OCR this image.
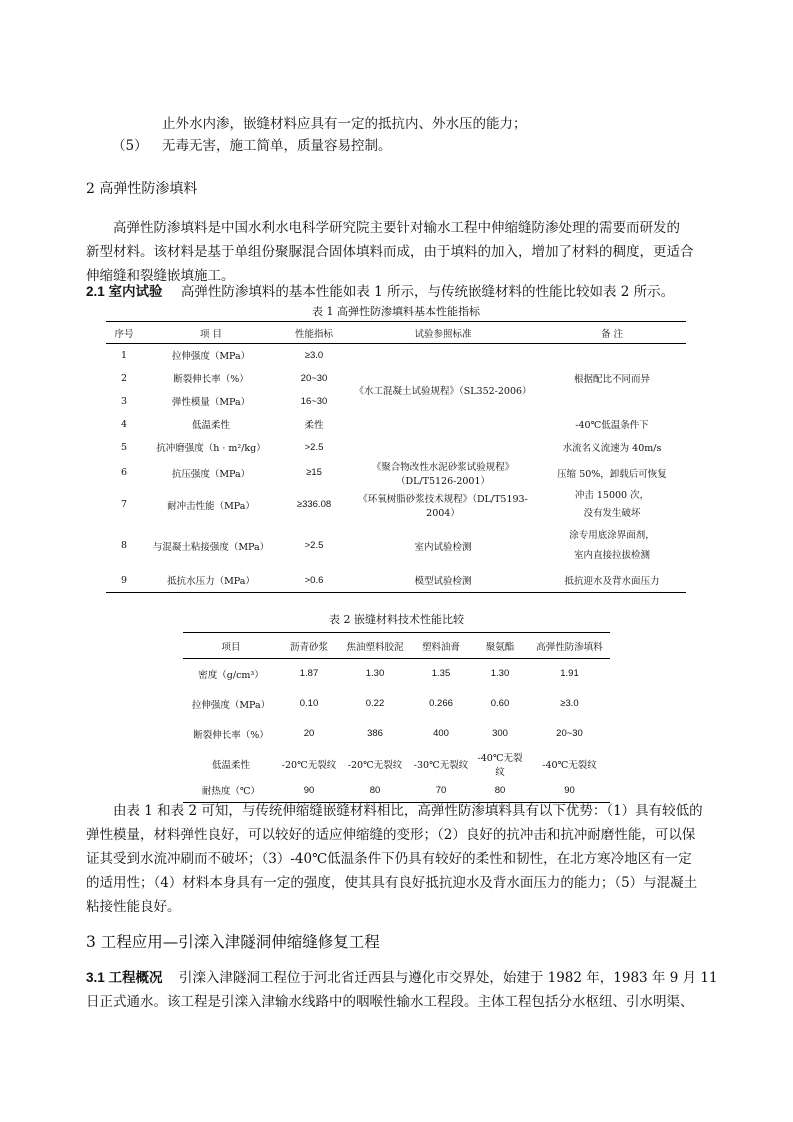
止外水内渗，嵌缝材料应具有一定的抵抗内、外水压的能力；
（5） 无毒无害，施工简单，质量容易控制。
2 高弹性防渗填料
高弹性防渗填料是中国水利水电科学研究院主要针对输水工程中伸缩缝防渗处理的需要而研发的
新型材料。该材料是基于单组份聚脲混合固体填料而成，由于填料的加入，增加了材料的稠度，更适合
伸缩缝和裂缝嵌填施工。
2.1 室内试验 高弹性防渗填料的基本性能如表 1 所示，与传统嵌缝材料的性能比较如表 2 所示。
表 1 高弹性防渗填料基本性能指标
序号	项 目	性能指标	试验参照标准	备 注
1	拉伸强度（MPa）	≥3.0	《水工混凝土试验规程》（SL352-2006）	
2	断裂伸长率（%）	20~30		根据配比不同而异
3	弹性模量（MPa）	16~30		
4	低温柔性	柔性		-40℃低温条件下
5	抗冲磨强度（h · m²/kg）	>2.5		水流名义流速为 40m/s
6	抗压强度（MPa）	≥15	《聚合物改性水泥砂浆试验规程》（DL/T5126-2001）	压缩 50%，卸载后可恢复
7	耐冲击性能（MPa）	≥336.08	《环氧树脂砂浆技术规程》（DL/T5193-2004）	冲击 15000 次，
没有发生破坏

8	与混凝土粘接强度（MPa）	>2.5	室内试验检测	涂专用底涂界面剂，
室内直接拉拔检测

9	抵抗水压力（MPa）	>0.6	模型试验检测	抵抗迎水及背水面压力
表 2 嵌缝材料技术性能比较
项目	沥青砂浆	焦油塑料胶泥	塑料油膏	聚氨酯	高弹性防渗填料
密度（g/cm³）	1.87	1.30	1.35	1.30	1.91
拉伸强度（MPa）	0.10	0.22	0.266	0.60	≥3.0
断裂伸长率（%）	20	386	400	300	20~30
低温柔性	-20℃无裂纹	-20℃无裂纹	-30℃无裂纹	-40℃无裂纹	-40℃无裂纹
耐热度（℃）	90	80	70	80	90
由表 1 和表 2 可知，与传统伸缩缝嵌缝材料相比，高弹性防渗填料具有以下优势：（1）具有较低的
弹性模量，材料弹性良好，可以较好的适应伸缩缝的变形；（2）良好的抗冲击和抗冲耐磨性能，可以保
证其受到水流冲刷而不破坏；（3）-40℃低温条件下仍具有较好的柔性和韧性，在北方寒冷地区有一定
的适用性；（4）材料本身具有一定的强度，使其具有良好抵抗迎水及背水面压力的能力；（5）与混凝土
粘接性能良好。
3 工程应用—引滦入津隧洞伸缩缝修复工程
3.1 工程概况 引滦入津隧洞工程位于河北省迁西县与遵化市交界处，始建于 1982 年，1983 年 9 月 11
日正式通水。该工程是引滦入津输水线路中的咽喉性输水工程段。主体工程包括分水枢纽、引水明渠、
